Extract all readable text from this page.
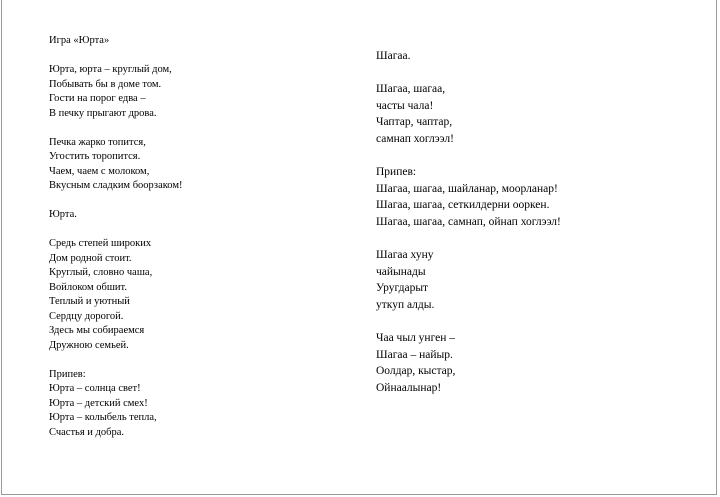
Игра «Юрта»
Юрта, юрта – круглый дом,
Побывать бы в доме том.
Гости на порог едва –
В печку прыгают дрова.
Печка жарко топится,
Угостить торопится.
Чаем, чаем с молоком,
Вкусным сладким боорзаком!
Юрта.
Средь степей широких
Дом родной стоит.
Круглый, словно чаша,
Войлоком обшит.
Теплый и уютный
Сердцу дорогой.
Здесь мы собираемся
Дружною семьей.
Припев:
Юрта – солнца свет!
Юрта – детский смех!
Юрта – колыбель тепла,
Счастья и добра.
Шагаа.
Шагаа, шагаа,
часты чала!
Чаптар, чаптар,
самнап хоглээл!
Припев:
Шагаа, шагаа, шайланар, моорланар!
Шагаа, шагаа, сеткилдерни ооркен.
Шагаа, шагаа, самнап, ойнап хоглээл!
Шагаа хуну
чайынады
Уругдарыт
уткуп алды.
Чаа чыл унген –
Шагаа – найыр.
Оолдар, кыстар,
Ойнаалынар!
